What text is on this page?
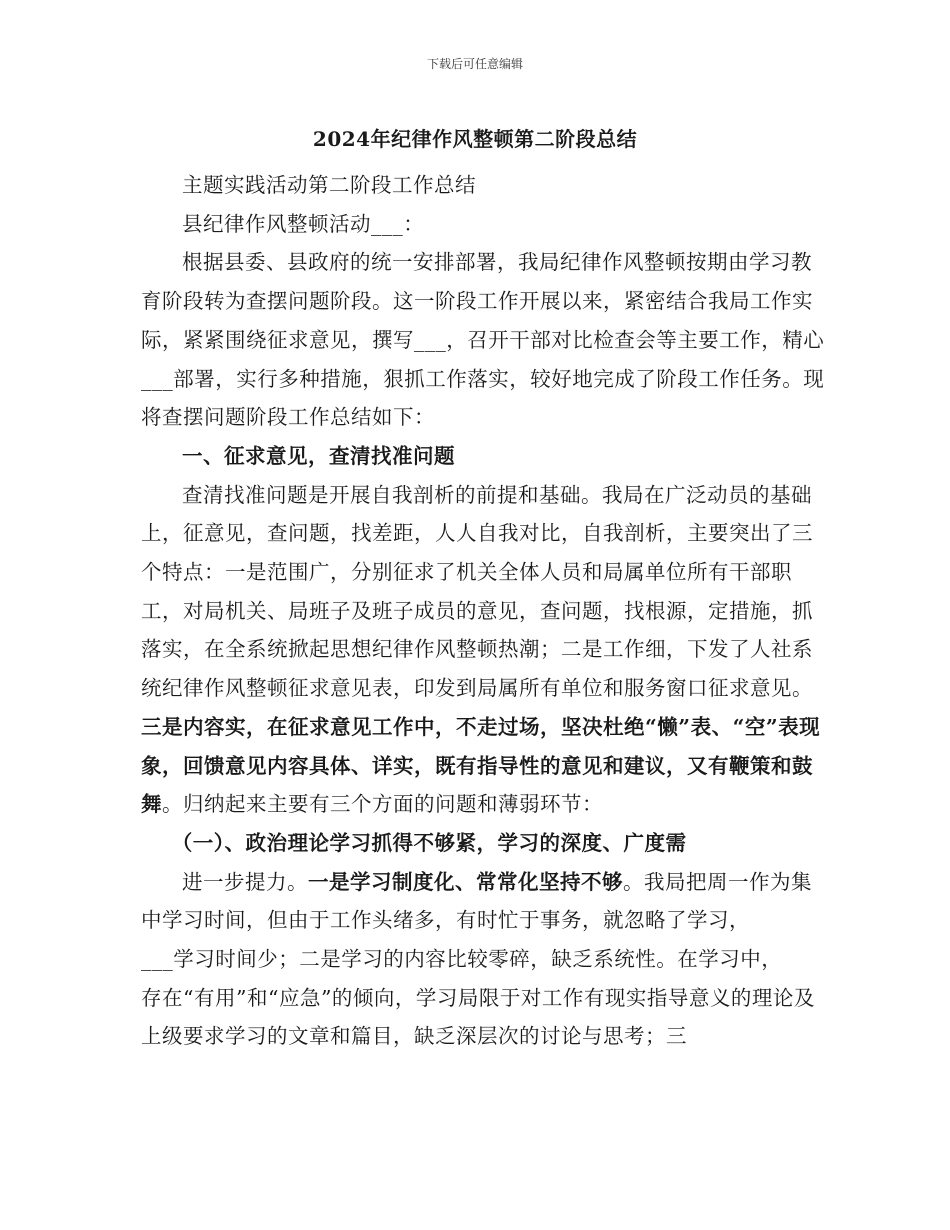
下载后可任意编辑
2024年纪律作风整顿第二阶段总结

主题实践活动第二阶段工作总结

县纪律作风整顿活动___：

根据县委、县政府的统一安排部署，我局纪律作风整顿按期由学习教育阶段转为查摆问题阶段。这一阶段工作开展以来，紧密结合我局工作实际，紧紧围绕征求意见，撰写___，召开干部对比检查会等主要工作，精心___部署，实行多种措施，狠抓工作落实，较好地完成了阶段工作任务。现将查摆问题阶段工作总结如下：

一、征求意见，查清找准问题

查清找准问题是开展自我剖析的前提和基础。我局在广泛动员的基础上，征意见，查问题，找差距，人人自我对比，自我剖析，主要突出了三个特点：一是范围广，分别征求了机关全体人员和局属单位所有干部职工，对局机关、局班子及班子成员的意见，查问题，找根源，定措施，抓落实，在全系统掀起思想纪律作风整顿热潮；二是工作细，下发了人社系统纪律作风整顿征求意见表，印发到局属所有单位和服务窗口征求意见。三是内容实，在征求意见工作中，不走过场，坚决杜绝“懒”表、“空”表现象，回馈意见内容具体、详实，既有指导性的意见和建议，又有鞭策和鼓舞。归纳起来主要有三个方面的问题和薄弱环节：

（一）、政治理论学习抓得不够紧，学习的深度、广度需

进一步提力。一是学习制度化、常常化坚持不够。我局把周一作为集中学习时间，但由于工作头绪多，有时忙于事务，就忽略了学习，

___学习时间少；二是学习的内容比较零碎，缺乏系统性。在学习中，

存在“有用”和“应急”的倾向，学习局限于对工作有现实指导意义的理论及上级要求学习的文章和篇目，缺乏深层次的讨论与思考；三
